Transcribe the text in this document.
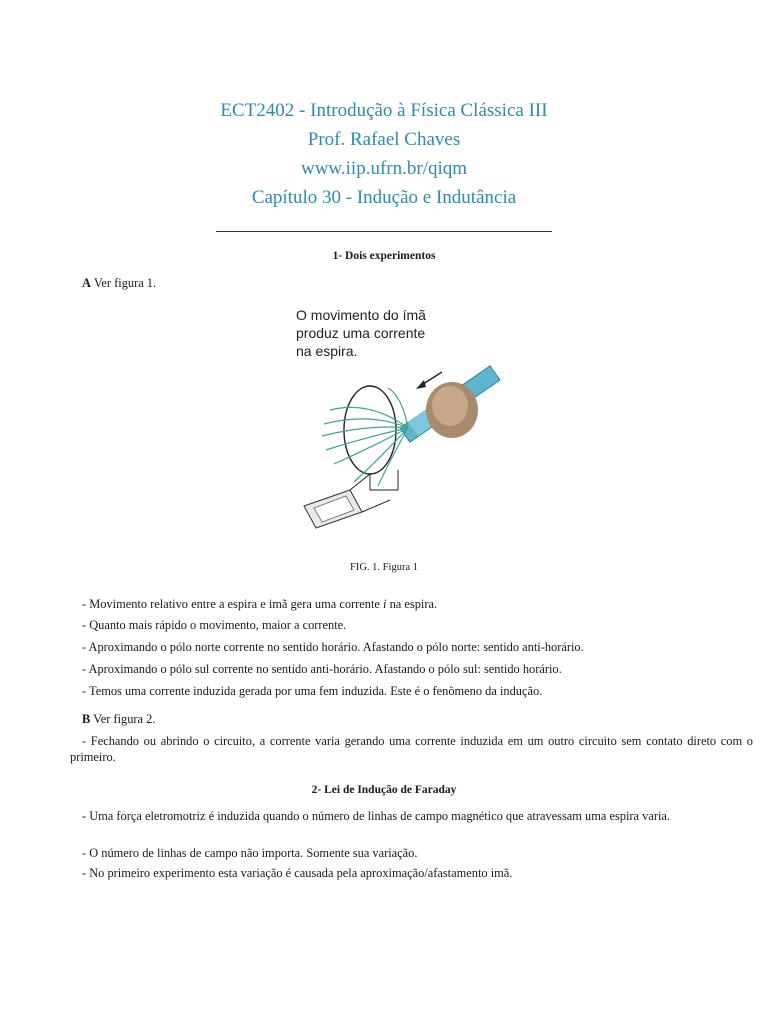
ECT2402 - Introdução à Física Clássica III
Prof. Rafael Chaves
www.iip.ufrn.br/qiqm
Capítulo 30 - Indução e Indutância
1- Dois experimentos
A Ver figura 1.
O movimento do ímã
produz uma corrente
na espira.
FIG. 1. Figura 1
- Movimento relativo entre a espira e imã gera uma corrente i na espira.
- Quanto mais rápido o movimento, maior a corrente.
- Aproximando o pólo norte corrente no sentido horário. Afastando o pólo norte: sentido anti-horário.
- Aproximando o pólo sul corrente no sentido anti-horário. Afastando o pólo sul: sentido horário.
- Temos uma corrente induzida gerada por uma fem induzida. Este é o fenômeno da indução.
B Ver figura 2.
- Fechando ou abrindo o circuito, a corrente varia gerando uma corrente induzida em um outro circuito sem contato direto com o primeiro.
2- Lei de Indução de Faraday
- Uma força eletromotriz é induzida quando o número de linhas de campo magnético que atravessam uma espira varia.
- O número de linhas de campo não importa. Somente sua variação.
- No primeiro experimento esta variação é causada pela aproximação/afastamento imã.
